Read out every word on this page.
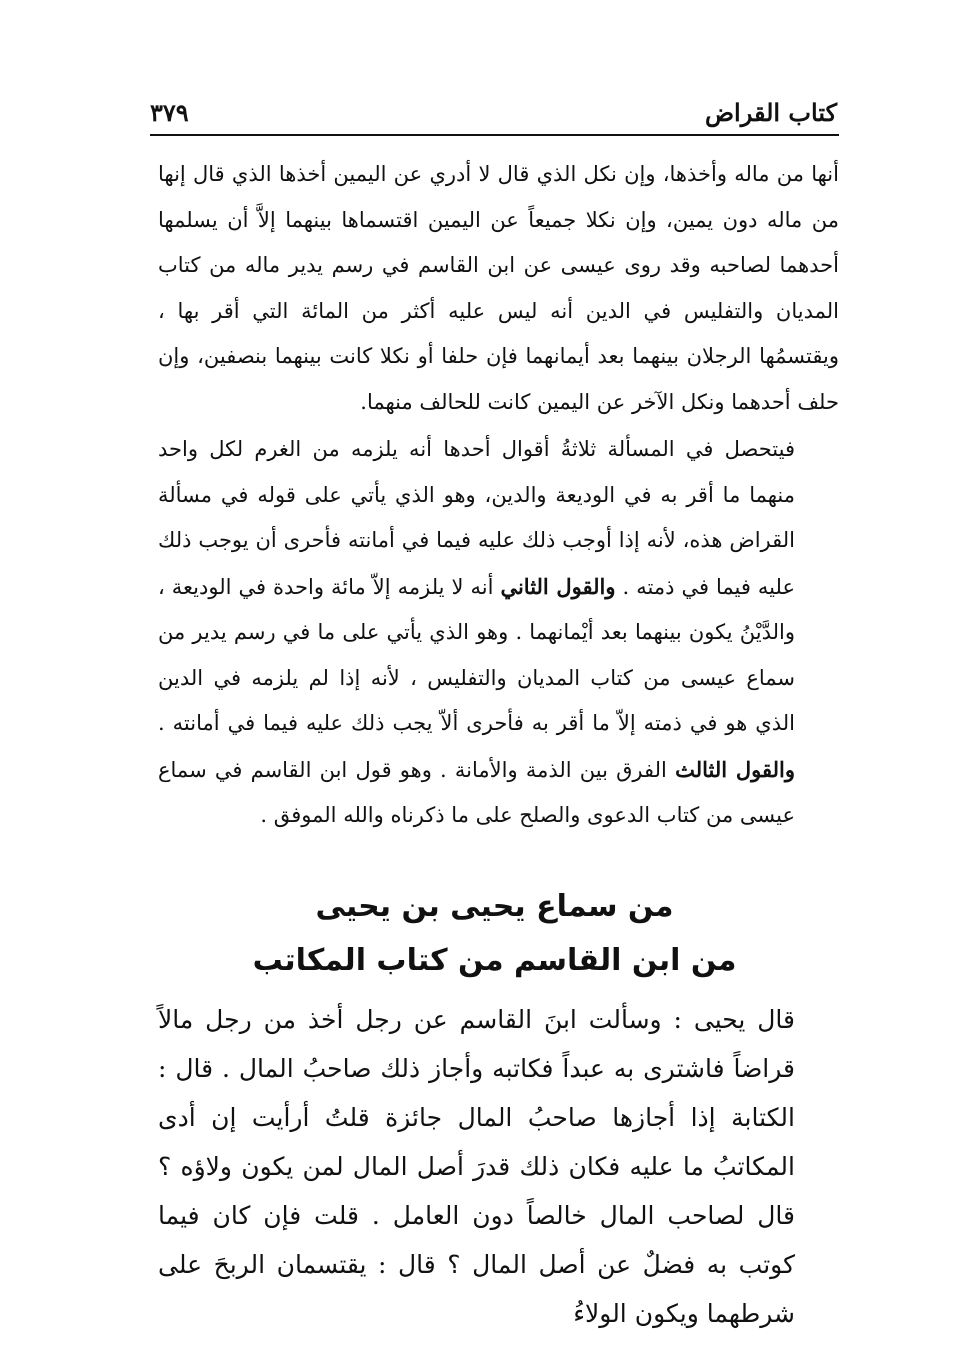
كتاب القراض
٣٧٩

أنها من ماله وأخذها، وإن نكل الذي قال لا أدري عن اليمين أخذها الذي قال إنها من ماله دون يمين، وإن نكلا جميعاً عن اليمين اقتسماها بينهما إلاَّ أن يسلمها أحدهما لصاحبه وقد روى عيسى عن ابن القاسم في رسم يدير ماله من كتاب المديان والتفليس في الدين أنه ليس عليه أكثر من المائة التي أقر بها ، ويقتسمُها الرجلان بينهما بعد أيمانهما فإن حلفا أو نكلا كانت بينهما بنصفين، وإن حلف أحدهما ونكل الآخر عن اليمين كانت للحالف منهما.

فيتحصل في المسألة ثلاثةُ أقوال أحدها أنه يلزمه من الغرم لكل واحد منهما ما أقر به في الوديعة والدين، وهو الذي يأتي على قوله في مسألة القراض هذه، لأنه إذا أوجب ذلك عليه فيما في أمانته فأحرى أن يوجب ذلك عليه فيما في ذمته . والقول الثاني أنه لا يلزمه إلاّ مائة واحدة في الوديعة ، والدَّيْنُ يكون بينهما بعد أيْمانهما . وهو الذي يأتي على ما في رسم يدير من سماع عيسى من كتاب المديان والتفليس ، لأنه إذا لم يلزمه في الدين الذي هو في ذمته إلاّ ما أقر به فأحرى ألاّ يجب ذلك عليه فيما في أمانته . والقول الثالث الفرق بين الذمة والأمانة . وهو قول ابن القاسم في سماع عيسى من كتاب الدعوى والصلح على ما ذكرناه والله الموفق .

من سماع يحيى بن يحيى
من ابن القاسم من كتاب المكاتب

قال يحيى : وسألت ابنَ القاسم عن رجل أخذ من رجل مالاً قراضاً فاشترى به عبداً فكاتبه وأجاز ذلك صاحبُ المال . قال : الكتابة إذا أجازها صاحبُ المال جائزة قلتُ أرأيت إن أدى المكاتبُ ما عليه فكان ذلك قدرَ أصل المال لمن يكون ولاؤه ؟ قال لصاحب المال خالصاً دون العامل . قلت فإن كان فيما كوتب به فضلٌ عن أصل المال ؟ قال : يقتسمان الربحَ على شرطهما ويكون الولاءُ
